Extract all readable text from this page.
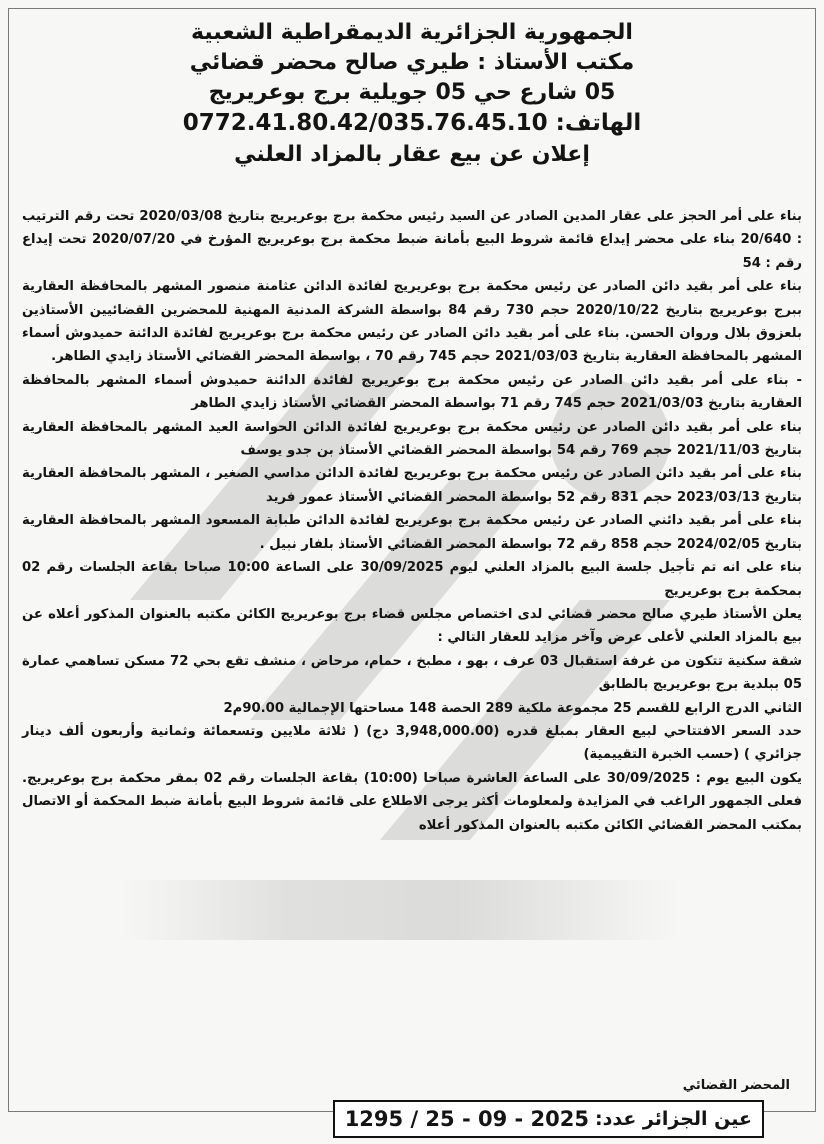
الجمهورية الجزائرية الديمقراطية الشعبية
مكتب الأستاذ : طيري صالح محضر قضائي
05 شارع حي 05 جويلية برج بوعريريج
الهاتف: 0772.41.80.42/035.76.45.10
إعلان عن بيع عقار بالمزاد العلني

بناء على أمر الحجز على عقار المدين الصادر عن السيد رئيس محكمة برج بوعريريج بتاريخ 2020/03/08 تحت رقم الترتيب : 20/640 بناء على محضر إيداع قائمة شروط البيع بأمانة ضبط محكمة برج بوعريريج المؤرخ في 2020/07/20 تحت إيداع رقم : 54

بناء على أمر بقيد دائن الصادر عن رئيس محكمة برج بوعريريج لفائدة الدائن عثامنة منصور المشهر بالمحافظة العقارية ببرج بوعريريج بتاريخ 2020/10/22 حجم 730 رقم 84 بواسطة الشركة المدنية المهنية للمحضرين القضائيين الأستاذين بلعزوق بلال وروان الحسن. بناء على أمر بقيد دائن الصادر عن رئيس محكمة برج بوعريريج لفائدة الدائنة حميدوش أسماء المشهر بالمحافظة العقارية بتاريخ 2021/03/03 حجم 745 رقم 70 ، بواسطة المحضر القضائي الأستاذ زايدي الطاهر.

- بناء على أمر بقيد دائن الصادر عن رئيس محكمة برج بوعريريج لفائدة الدائنة حميدوش أسماء المشهر بالمحافظة العقارية بتاريخ 2021/03/03 حجم 745 رقم 71 بواسطة المحضر القضائي الأستاذ زايدي الطاهر

بناء على أمر بقيد دائن الصادر عن رئيس محكمة برج بوعريريج لفائدة الدائن الحواسة العيد المشهر بالمحافظة العقارية بتاريخ 2021/11/03 حجم 769 رقم 54 بواسطة المحضر القضائي الأستاذ بن جدو يوسف

بناء على أمر بقيد دائن الصادر عن رئيس محكمة برج بوعريريج لفائدة الدائن مداسي الصغير ، المشهر بالمحافظة العقارية بتاريخ 2023/03/13 حجم 831 رقم 52 بواسطة المحضر القضائي الأستاذ عمور فريد

بناء على أمر بقيد دائني الصادر عن رئيس محكمة برج بوعريريج لفائدة الدائن طبابة المسعود المشهر بالمحافظة العقارية بتاريخ 2024/02/05 حجم 858 رقم 72 بواسطة المحضر القضائي الأستاذ بلفار نبيل .

بناء على انه تم تأجيل جلسة البيع بالمزاد العلني ليوم 30/09/2025 على الساعة 10:00 صباحا بقاعة الجلسات رقم 02 بمحكمة برج بوعريريج

يعلن الأستاذ طيري صالح محضر قضائي لدى اختصاص مجلس قضاء برج بوعريريج الكائن مكتبه بالعنوان المذكور أعلاه عن بيع بالمزاد العلني لأعلى عرض وآخر مزايد للعقار التالي :

شقة سكنية تتكون من غرفة استقبال 03 عرف ، بهو ، مطبخ ، حمام، مرحاض ، منشف تقع بحي 72 مسكن تساهمي عمارة 05 ببلدية برج بوعريريج بالطابق

الثاني الدرج الرابع للقسم 25 مجموعة ملكية 289 الحصة 148 مساحتها الإجمالية 90.00م2

حدد السعر الافتتاحي لبيع العقار بمبلغ قدره (3,948,000.00 دج) ( ثلاثة ملايين وتسعمائة وثمانية وأربعون ألف دينار جزائري ) (حسب الخبرة التقييمية)

يكون البيع يوم : 30/09/2025 على الساعة العاشرة صباحا (10:00) بقاعة الجلسات رقم 02 بمقر محكمة برج بوعريريج. فعلى الجمهور الراغب في المزايدة ولمعلومات أكثر يرجى الاطلاع على قائمة شروط البيع بأمانة ضبط المحكمة أو الاتصال بمكتب المحضر القضائي الكائن مكتبه بالعنوان المذكور أعلاه

المحضر القضائي
عين الجزائر عدد:
1295 / 25 - 09 - 2025
